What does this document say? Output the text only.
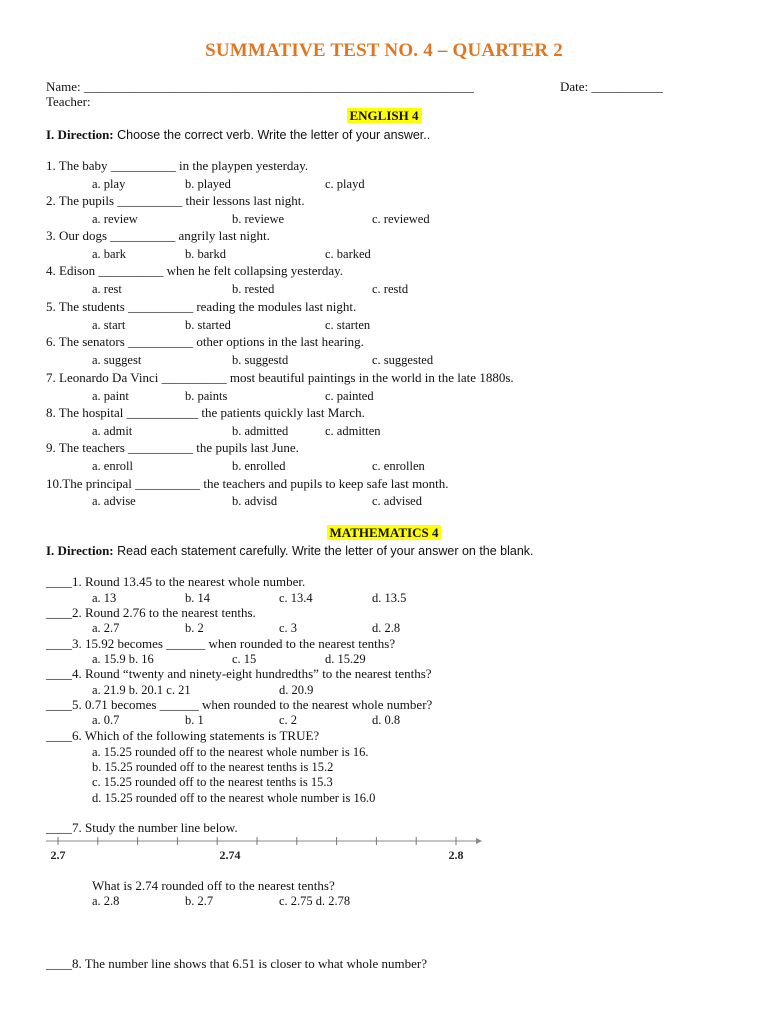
SUMMATIVE TEST NO. 4 – QUARTER 2
Name: ____________________________________________________________	Date: ___________
Teacher:
ENGLISH 4
I. Direction: Choose the correct verb. Write the letter of your answer..
1. The baby __________ in the playpen yesterday.
a. play	b. played	c. playd
2. The pupils __________ their lessons last night.
a. review	b. reviewe	c. reviewed
3. Our dogs __________ angrily last night.
a. bark	b. barkd	c. barked
4. Edison __________ when he felt collapsing yesterday.
a. rest	b. rested	c. restd
5. The students __________ reading the modules last night.
a. start	b. started	c. starten
6. The senators __________ other options in the last hearing.
a. suggest	b. suggestd	c. suggested
7. Leonardo Da Vinci __________ most beautiful paintings in the world in the late 1880s.
a. paint	b. paints	c. painted
8. The hospital ___________ the patients quickly last March.
a. admit	b. admitted	c. admitten
9. The teachers __________ the pupils last June.
a. enroll	b. enrolled	c. enrollen
10.The principal __________ the teachers and pupils to keep safe last month.
a. advise	b. advisd	c. advised
MATHEMATICS 4
I. Direction: Read each statement carefully. Write the letter of your answer on the blank.
____1. Round 13.45 to the nearest whole number.
a. 13	b. 14	c. 13.4	d. 13.5
____2. Round 2.76 to the nearest tenths.
a. 2.7	b. 2	c. 3	d. 2.8
____3. 15.92 becomes ______ when rounded to the nearest tenths?
a. 15.9 b. 16	c. 15	d. 15.29
____4. Round “twenty and ninety-eight hundredths” to the nearest tenths?
a. 21.9 b. 20.1 c. 21	d. 20.9
____5. 0.71 becomes ______ when rounded to the nearest whole number?
a. 0.7	b. 1	c. 2	d. 0.8
____6. Which of the following statements is TRUE?
a. 15.25 rounded off to the nearest whole number is 16.
b. 15.25 rounded off to the nearest tenths is 15.2
c. 15.25 rounded off to the nearest tenths is 15.3
d. 15.25 rounded off to the nearest whole number is 16.0
____7. Study the number line below.
2.7	2.74	2.8
What is 2.74 rounded off to the nearest tenths?
a. 2.8	b. 2.7	c. 2.75 d. 2.78
____8. The number line shows that 6.51 is closer to what whole number?
